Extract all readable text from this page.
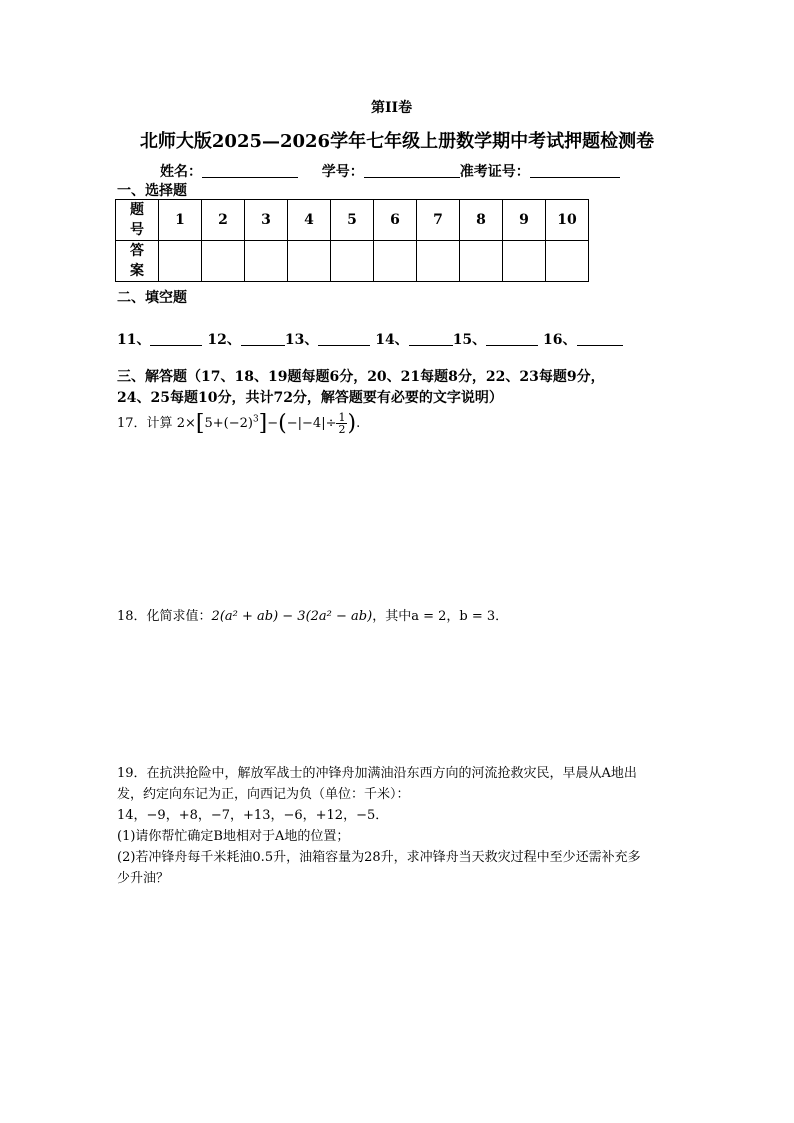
第II卷
北师大版2025—2026学年七年级上册数学期中考试押题检测卷
姓名：	学号：	准考证号：
一、选择题
题
号	1	2	3	4	5	6	7	8	9	10
答
案										
二、填空题
11、	12、	13、	14、	15、	16、
三、解答题（17、18、19题每题6分，20、21每题8分，22、23每题9分，
24、25每题10分，共计72分，解答题要有必要的文字说明）
17．计算 $2\times[5+(-2)^3]-(-|-4|\div \frac{1}{2}$ ).
18．化简求值：2(a² + ab) − 3(2a² − ab)，其中a = 2，b = 3．
19．在抗洪抢险中，解放军战士的冲锋舟加满油沿东西方向的河流抢救灾民，早晨从A地出
发，约定向东记为正，向西记为负（单位：千米）：
14，−9，+8，−7，+13，−6，+12，−5．
(1)请你帮忙确定B地相对于A地的位置；
(2)若冲锋舟每千米耗油0.5升，油箱容量为28升，求冲锋舟当天救灾过程中至少还需补充多
少升油？
